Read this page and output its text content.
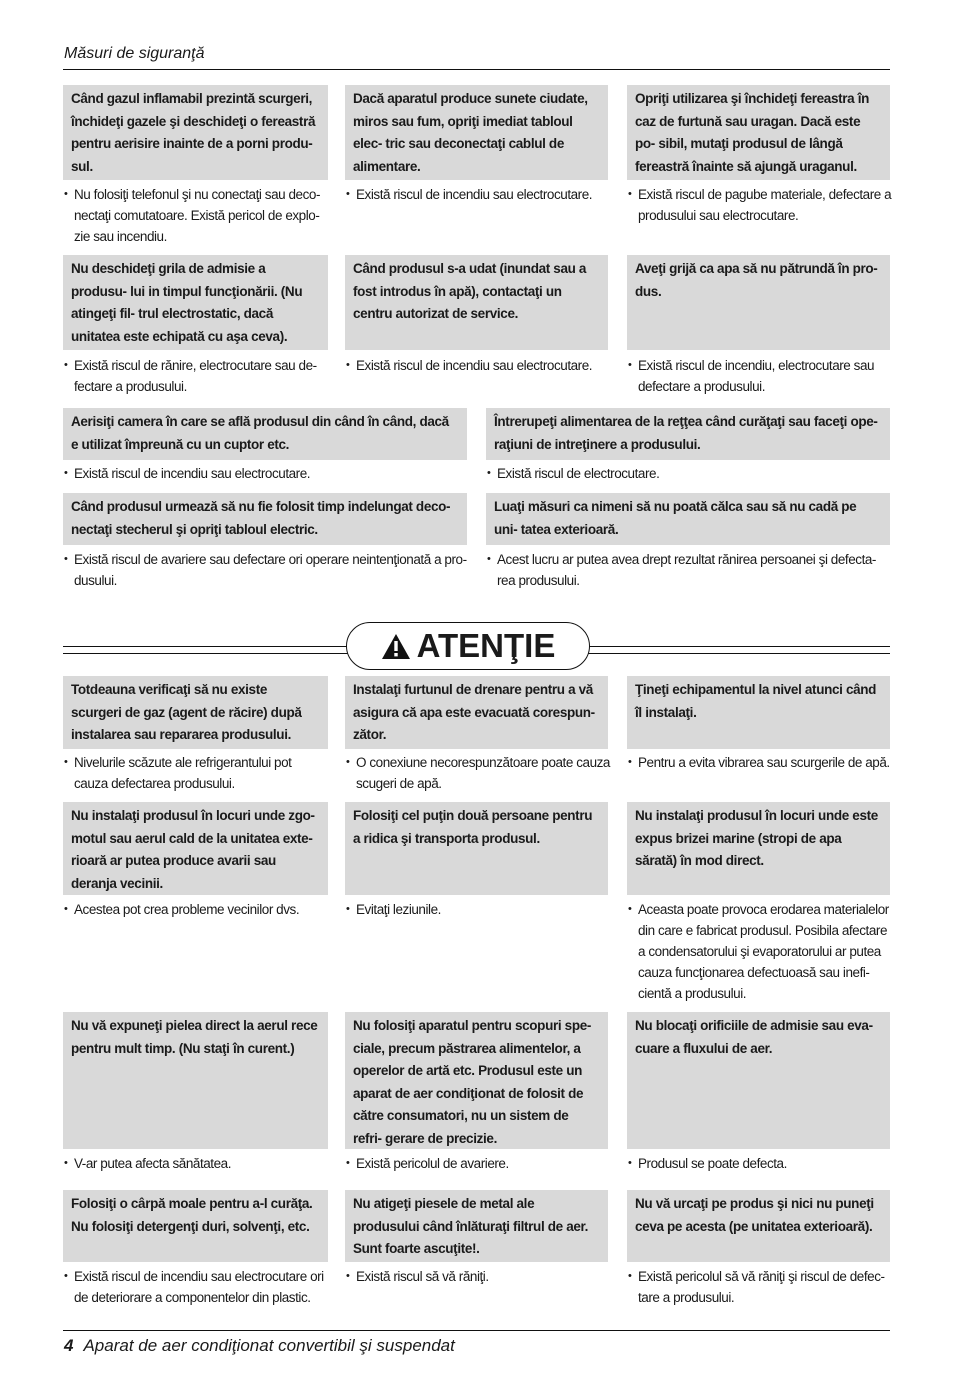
Măsuri de siguranţă
Când gazul inflamabil prezintă scurgeri, închideţi gazele şi deschideţi o fereastră pentru aerisire inainte de a porni produ- sul.
• Nu folosiţi telefonul şi nu conectaţi sau deco- nectaţi comutatoare. Există pericol de explo- zie sau incendiu.
Dacă aparatul produce sunete ciudate, miros sau fum, opriţi imediat tabloul elec- tric sau deconectaţi cablul de alimentare.
• Există riscul de incendiu sau electrocutare.
Opriţi utilizarea şi închideţi fereastra în caz de furtună sau uragan. Dacă este po- sibil, mutaţi produsul de lângă fereastră înainte să ajungă uraganul.
• Există riscul de pagube materiale, defectare a produsului sau electrocutare.
Nu deschideţi grila de admisie a produsu- lui in timpul funcţionării. (Nu atingeţi fil- trul electrostatic, dacă unitatea este echipată cu aşa ceva).
• Există riscul de rănire, electrocutare sau de- fectare a produsului.
Când produsul s-a udat (inundat sau a fost introdus în apă), contactaţi un centru autorizat de service.
• Există riscul de incendiu sau electrocutare.
Aveţi grijă ca apa să nu pătrundă în pro- dus.
• Există riscul de incendiu, electrocutare sau defectare a produsului.
Aerisiţi camera în care se află produsul din când în când, dacă e utilizat împreună cu un cuptor etc.
• Există riscul de incendiu sau electrocutare.
Întrerupeţi alimentarea de la reţţea când curăţaţi sau faceţi ope- raţiuni de intreţinere a produsului.
• Există riscul de electrocutare.
Când produsul urmează să nu fie folosit timp indelungat deco- nectaţi stecherul şi opriţi tabloul electric.
• Există riscul de avariere sau defectare ori operare neintenţionată a pro- dusului.
Luaţi măsuri ca nimeni să nu poată călca sau să nu cadă pe uni- tatea exterioară.
• Acest lucru ar putea avea drept rezultat rănirea persoanei şi defecta- rea produsului.
ATENŢIE
Totdeauna verificaţi să nu existe scurgeri de gaz (agent de răcire) după instalarea sau repararea produsului.
• Nivelurile scăzute ale refrigerantului pot cauza defectarea produsului.
Instalaţi furtunul de drenare pentru a vă asigura că apa este evacuată corespun- zător.
• O conexiune necorespunzătoare poate cauza scugeri de apă.
Ţineţi echipamentul la nivel atunci când îl instalaţi.
• Pentru a evita vibrarea sau scurgerile de apă.
Nu instalaţi produsul în locuri unde zgo- motul sau aerul cald de la unitatea exte- rioară ar putea produce avarii sau deranja vecinii.
• Acestea pot crea probleme vecinilor dvs.
Folosiţi cel puţin două persoane pentru a ridica şi transporta produsul.
• Evitaţi leziunile.
Nu instalaţi produsul în locuri unde este expus brizei marine (stropi de apa sărată) în mod direct.
• Aceasta poate provoca erodarea materialelor din care e fabricat produsul. Posibila afectare a condensatorului şi evaporatorului ar putea cauza funcţionarea defectuoasă sau inefi- cientă a produsului.
Nu vă expuneţi pielea direct la aerul rece pentru mult timp. (Nu staţi în curent.)
• V-ar putea afecta sănătatea.
Nu folosiţi aparatul pentru scopuri spe- ciale, precum păstrarea alimentelor, a operelor de artă etc. Produsul este un aparat de aer condiţionat de folosit de către consumatori, nu un sistem de refri- gerare de precizie.
• Există pericolul de avariere.
Nu blocaţi orificiile de admisie sau eva- cuare a fluxului de aer.
• Produsul se poate defecta.
Folosiţi o cârpă moale pentru a-l curăţa. Nu folosiţi detergenţi duri, solvenţi, etc.
• Există riscul de incendiu sau electrocutare ori de deteriorare a componentelor din plastic.
Nu atigeţi piesele de metal ale produsului când înlăturaţi filtrul de aer. Sunt foarte ascuţite!.
• Există riscul să vă răniţi.
Nu vă urcaţi pe produs şi nici nu puneţi ceva pe acesta (pe unitatea exterioară).
• Există pericolul să vă răniţi şi riscul de defec- tare a produsului.
4 Aparat de aer condiţionat convertibil şi suspendat
